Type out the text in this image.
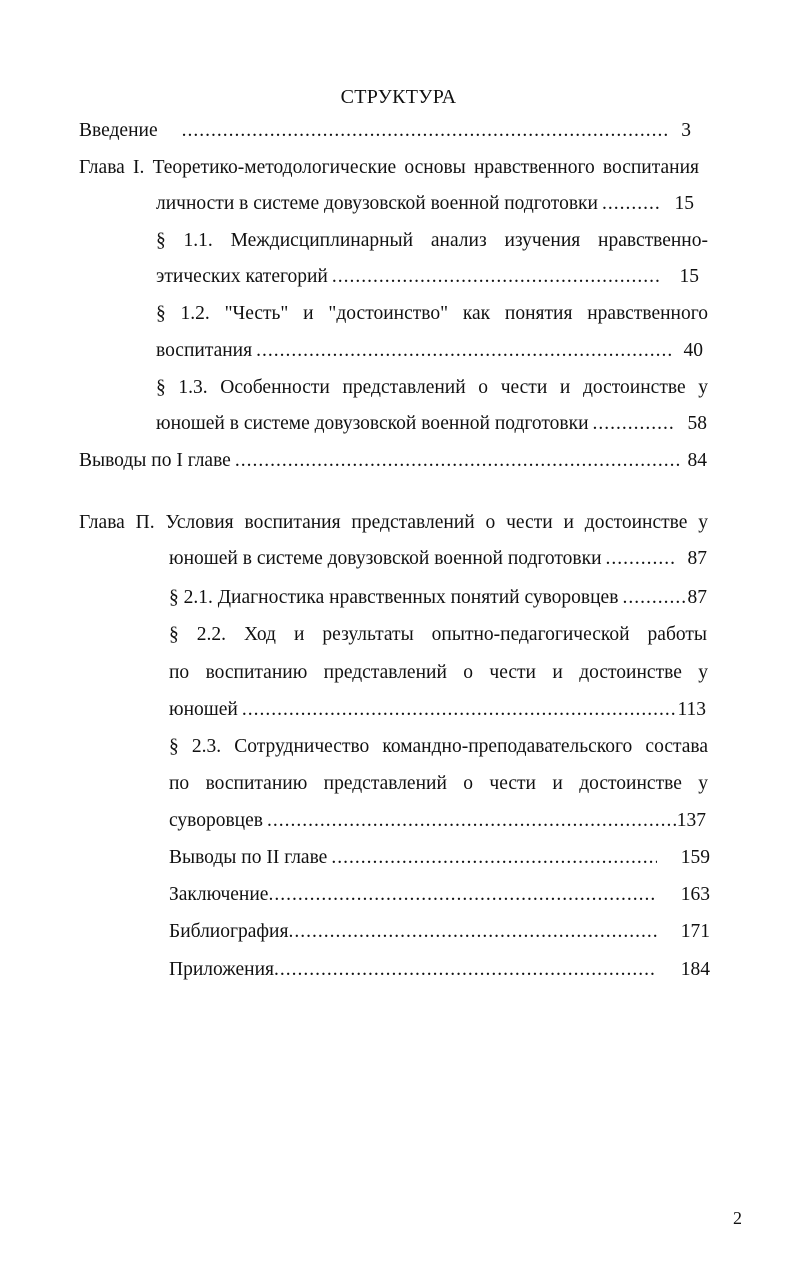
СТРУКТУРА
Введение .....	3
Глава I. Теоретико-методологические основы нравственного воспитания
личности в системе довузовской военной подготовки .....	15
§ 1.1. Междисциплинарный анализ изучения нравственно-
этических категорий .....	15
§ 1.2. "Честь" и "достоинство" как понятия нравственного
воспитания .....	40
§ 1.3. Особенности представлений о чести и достоинстве у
юношей в системе довузовской военной подготовки .....	58
Выводы по I главе .....	84
Глава П. Условия воспитания представлений о чести и достоинстве у
юношей в системе довузовской военной подготовки .....	87
§ 2.1. Диагностика нравственных понятий суворовцев .....	87
§ 2.2. Ход и результаты опытно-педагогической работы
по воспитанию представлений о чести и достоинстве у
юношей .....	113
§ 2.3. Сотрудничество командно-преподавательского состава
по воспитанию представлений о чести и достоинстве у
суворовцев .....	137
Выводы по II главе .....	159
Заключение .....	163
Библиография .....	171
Приложения .....	184
2
